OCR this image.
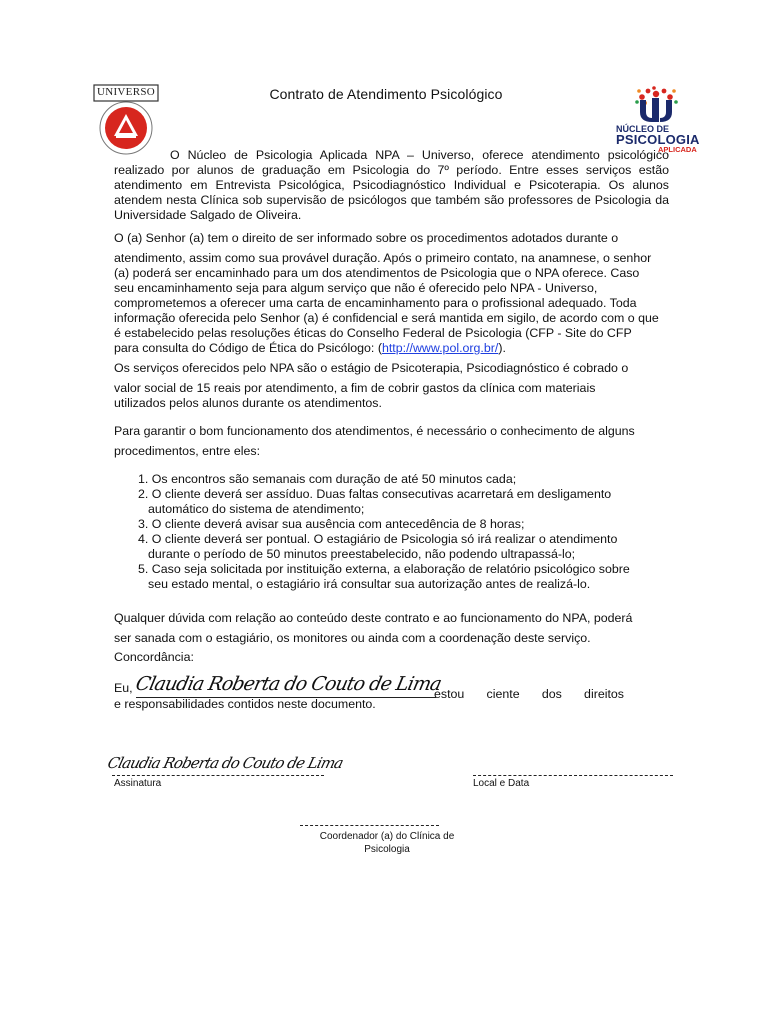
UNIVERSO	Contrato de Atendimento Psicológico
NÚCLEO DE
PSICOLOGIA
APLICADA
O Núcleo de Psicologia Aplicada NPA – Universo, oferece atendimento psicológico realizado por alunos de graduação em Psicologia do 7º período. Entre esses serviços estão atendimento em Entrevista Psicológica, Psicodiagnóstico Individual e Psicoterapia. Os alunos atendem nesta Clínica sob supervisão de psicólogos que também são professores de Psicologia da Universidade Salgado de Oliveira.
O (a) Senhor (a) tem o direito de ser informado sobre os procedimentos adotados durante o
atendimento, assim como sua provável duração. Após o primeiro contato, na anamnese, o senhor (a) poderá ser encaminhado para um dos atendimentos de Psicologia que o NPA oferece. Caso seu encaminhamento seja para algum serviço que não é oferecido pelo NPA - Universo, comprometemos a oferecer uma carta de encaminhamento para o profissional adequado. Toda informação oferecida pelo Senhor (a) é confidencial e será mantida em sigilo, de acordo com o que é estabelecido pelas resoluções éticas do Conselho Federal de Psicologia (CFP - Site do CFP para consulta do Código de Ética do Psicólogo: (http://www.pol.org.br/).
Os serviços oferecidos pelo NPA são o estágio de Psicoterapia, Psicodiagnóstico é cobrado o
valor social de 15 reais por atendimento, a fim de cobrir gastos da clínica com materiais utilizados pelos alunos durante os atendimentos.
Para garantir o bom funcionamento dos atendimentos, é necessário o conhecimento de alguns
procedimentos, entre eles:
1. Os encontros são semanais com duração de até 50 minutos cada;
2. O cliente deverá ser assíduo. Duas faltas consecutivas acarretará em desligamento automático do sistema de atendimento;
3. O cliente deverá avisar sua ausência com antecedência de 8 horas;
4. O cliente deverá ser pontual. O estagiário de Psicologia só irá realizar o atendimento durante o período de 50 minutos preestabelecido, não podendo ultrapassá-lo;
5. Caso seja solicitada por instituição externa, a elaboração de relatório psicológico sobre seu estado mental, o estagiário irá consultar sua autorização antes de realizá-lo.
Qualquer dúvida com relação ao conteúdo deste contrato e ao funcionamento do NPA, poderá
ser sanada com o estagiário, os monitores ou ainda com a coordenação deste serviço.
Concordância:
Eu, Claudia Roberta do Couto de Lima
estou ciente dos direitos
e responsabilidades contidos neste documento.
Claudia Roberta do Couto de Lima
Assinatura	Local e Data
Coordenador (a) do Clínica de
Psicologia
